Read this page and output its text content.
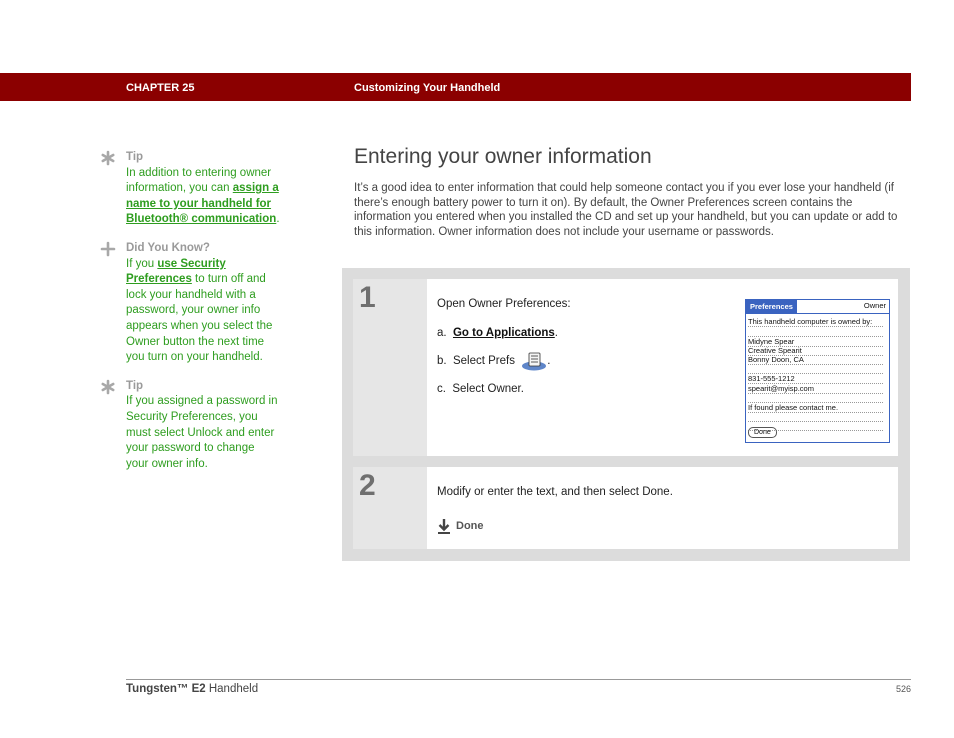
CHAPTER 25	Customizing Your Handheld
Tip
In addition to entering owner information, you can assign a name to your handheld for Bluetooth® communication.
Did You Know?
If you use Security Preferences to turn off and lock your handheld with a password, your owner info appears when you select the Owner button the next time you turn on your handheld.
Tip
If you assigned a password in Security Preferences, you must select Unlock and enter your password to change your owner info.
Entering your owner information

It’s a good idea to enter information that could help someone contact you if you ever lose your handheld (if there’s enough battery power to turn it on). By default, the Owner Preferences screen contains the information you entered when you installed the CD and set up your handheld, but you can update or add to this information. Owner information does not include your username or passwords.

1	Open Owner Preferences:
a. Go to Applications.
b. Select Prefs	.
c. Select Owner.
Preferences	Owner
This handheld computer is owned by:
Midyne Spear
Creative Spearit
Bonny Doon, CA
831-555-1212
spearit@myisp.com
If found please contact me.
Done
2	Modify or enter the text, and then select Done.
Done
Tungsten™ E2 Handheld	526
